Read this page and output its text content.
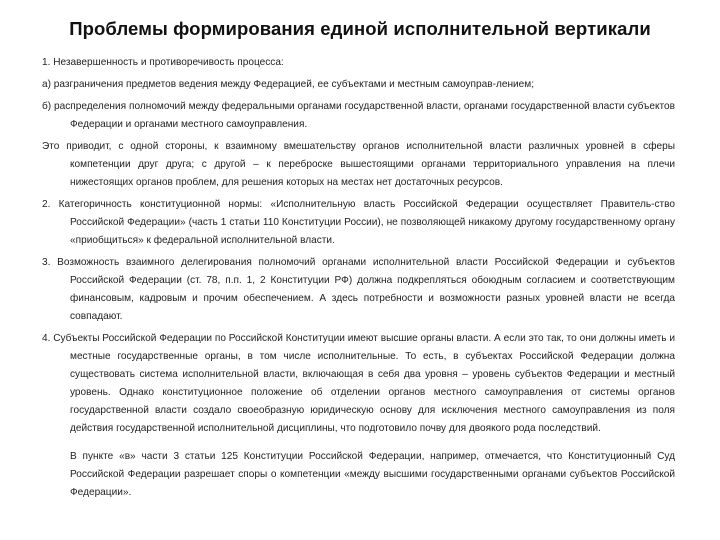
Проблемы формирования единой исполнительной вертикали

1. Незавершенность и противоречивость процесса:

а) разграничения предметов ведения между Федерацией, ее субъектами и местным самоуправ-лением;

б) распределения полномочий между федеральными органами государственной власти, органами государственной власти субъектов Федерации и органами местного самоуправления.

Это приводит, с одной стороны, к взаимному вмешательству органов исполнительной власти различных уровней в сферы компетенции друг друга; с другой – к переброске вышестоящими органами территориального управления на плечи нижестоящих органов проблем, для решения которых на местах нет достаточных ресурсов.

2. Категоричность конституционной нормы: «Исполнительную власть Российской Федерации осуществляет Правитель-ство Российской Федерации» (часть 1 статьи 110 Конституции России), не позволяющей никакому другому государственному органу «приобщиться» к федеральной исполнительной власти.

3. Возможность взаимного делегирования полномочий органами исполнительной власти Российской Федерации и субъектов Российской Федерации (ст. 78, п.п. 1, 2 Конституции РФ) должна подкрепляться обоюдным согласием и соответствующим финансовым, кадровым и прочим обеспечением. А здесь потребности и возможности разных уровней власти не всегда совпадают.

4. Субъекты Российской Федерации по Российской Конституции имеют высшие органы власти. А если это так, то они должны иметь и местные государственные органы, в том числе исполнительные. То есть, в субъектах Российской Федерации должна существовать система исполнительной власти, включающая в себя два уровня – уровень субъектов Федерации и местный уровень. Однако конституционное положение об отделении органов местного самоуправления от системы органов государственной власти создало своеобразную юридическую основу для исключения местного самоуправления из поля действия государственной исполнительной дисциплины, что подготовило почву для двоякого рода последствий.

В пункте «в» части 3 статьи 125 Конституции Российской Федерации, например, отмечается, что Конституционный Суд Российской Федерации разрешает споры о компетенции «между высшими государственными органами субъектов Российской Федерации».
